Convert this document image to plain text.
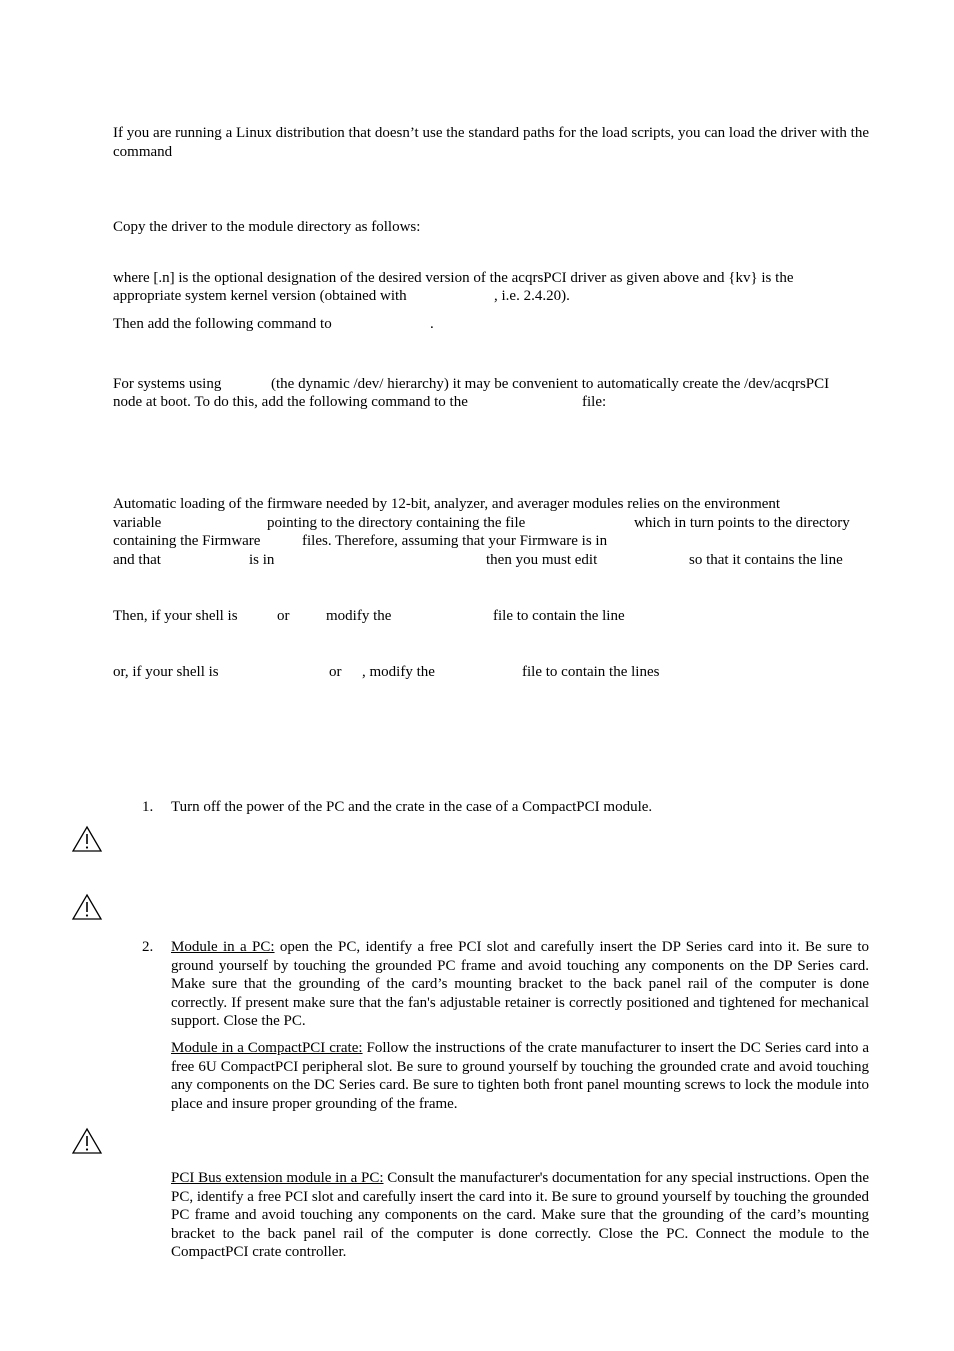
If you are running a Linux distribution that doesn’t use the standard paths for the load scripts, you can load the driver with the command
Copy the driver to the module directory as follows:
where [.n] is the optional designation of the desired version of the acqrsPCI driver as given above and {kv} is the
appropriate system kernel version (obtained with	, i.e. 2.4.20).
Then add the following command to	.
For systems using	(the dynamic /dev/ hierarchy) it may be convenient to automatically create the /dev/acqrsPCI
node at boot. To do this, add the following command to the	file:
Automatic loading of the firmware needed by 12-bit, analyzer, and averager modules relies on the environment
variable	pointing to the directory containing the file	which in turn points to the directory
containing the Firmware	files. Therefore, assuming that your Firmware is in
and that	is in	then you must edit	so that it contains the line
Then, if your shell is	or modify the	file to contain the line
or, if your shell is	or , modify the	file to contain the lines
1. Turn off the power of the PC and the crate in the case of a CompactPCI module.
2. Module in a PC: open the PC, identify a free PCI slot and carefully insert the DP Series card into it. Be sure to ground yourself by touching the grounded PC frame and avoid touching any components on the DP Series card. Make sure that the grounding of the card’s mounting bracket to the back panel rail of the computer is done correctly. If present make sure that the fan's adjustable retainer is correctly positioned and tightened for mechanical support. Close the PC.
Module in a CompactPCI crate: Follow the instructions of the crate manufacturer to insert the DC Series card into a free 6U CompactPCI peripheral slot. Be sure to ground yourself by touching the grounded crate and avoid touching any components on the DC Series card. Be sure to tighten both front panel mounting screws to lock the module into place and insure proper grounding of the frame.
PCI Bus extension module in a PC: Consult the manufacturer's documentation for any special instructions. Open the PC, identify a free PCI slot and carefully insert the card into it. Be sure to ground yourself by touching the grounded PC frame and avoid touching any components on the card. Make sure that the grounding of the card’s mounting bracket to the back panel rail of the computer is done correctly. Close the PC. Connect the module to the CompactPCI crate controller.
